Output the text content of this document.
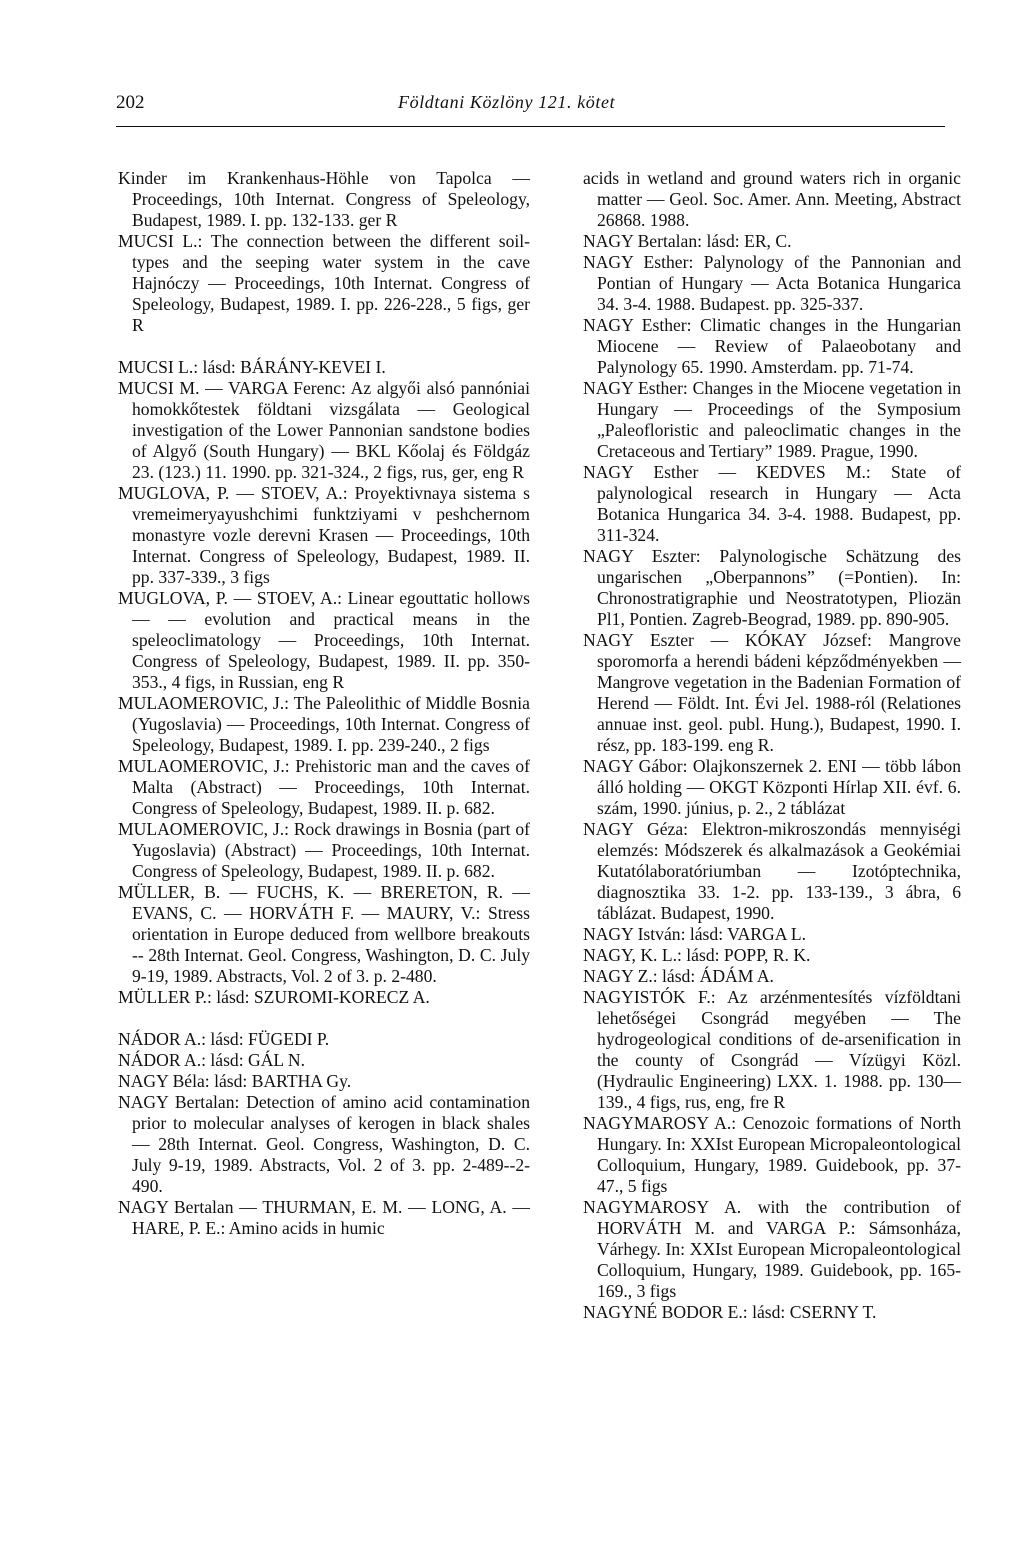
202	Földtani Közlöny 121. kötet

Kinder im Krankenhaus-Höhle von Tapolca — Proceedings, 10th Internat. Congress of Speleology, Budapest, 1989. I. pp. 132-133. ger R

MUCSI L.: The connection between the different soil-types and the seeping water system in the cave Hajnóczy — Proceedings, 10th Internat. Congress of Speleology, Budapest, 1989. I. pp. 226-228., 5 figs, ger R

MUCSI L.: lásd: BÁRÁNY-KEVEI I.

MUCSI M. — VARGA Ferenc: Az algyői alsó pannóniai homokkőtestek földtani vizsgálata — Geological investigation of the Lower Pannonian sandstone bodies of Algyő (South Hungary) — BKL Kőolaj és Földgáz 23. (123.) 11. 1990. pp. 321-324., 2 figs, rus, ger, eng R

MUGLOVA, P. — STOEV, A.: Proyektivnaya sistema s vremeimeryayushchimi funktziyami v peshchernom monastyre vozle derevni Krasen — Proceedings, 10th Internat. Congress of Speleology, Budapest, 1989. II. pp. 337-339., 3 figs

MUGLOVA, P. — STOEV, A.: Linear egouttatic hollows — — evolution and practical means in the speleoclimatology — Proceedings, 10th Internat. Congress of Speleology, Budapest, 1989. II. pp. 350-353., 4 figs, in Russian, eng R

MULAOMEROVIC, J.: The Paleolithic of Middle Bosnia (Yugoslavia) — Proceedings, 10th Internat. Congress of Speleology, Budapest, 1989. I. pp. 239-240., 2 figs

MULAOMEROVIC, J.: Prehistoric man and the caves of Malta (Abstract) — Proceedings, 10th Internat. Congress of Speleology, Budapest, 1989. II. p. 682.

MULAOMEROVIC, J.: Rock drawings in Bosnia (part of Yugoslavia) (Abstract) — Proceedings, 10th Internat. Congress of Speleology, Budapest, 1989. II. p. 682.

MÜLLER, B. — FUCHS, K. — BRERETON, R. — EVANS, C. — HORVÁTH F. — MAURY, V.: Stress orientation in Europe deduced from wellbore breakouts -- 28th Internat. Geol. Congress, Washington, D. C. July 9-19, 1989. Abstracts, Vol. 2 of 3. p. 2-480.

MÜLLER P.: lásd: SZUROMI-KORECZ A.

NÁDOR A.: lásd: FÜGEDI P.

NÁDOR A.: lásd: GÁL N.

NAGY Béla: lásd: BARTHA Gy.

NAGY Bertalan: Detection of amino acid contamination prior to molecular analyses of kerogen in black shales — 28th Internat. Geol. Congress, Washington, D. C. July 9-19, 1989. Abstracts, Vol. 2 of 3. pp. 2-489--2-490.

NAGY Bertalan — THURMAN, E. M. — LONG, A. — HARE, P. E.: Amino acids in humic

acids in wetland and ground waters rich in organic matter — Geol. Soc. Amer. Ann. Meeting, Abstract 26868. 1988.

NAGY Bertalan: lásd: ER, C.

NAGY Esther: Palynology of the Pannonian and Pontian of Hungary — Acta Botanica Hungarica 34. 3-4. 1988. Budapest. pp. 325-337.

NAGY Esther: Climatic changes in the Hungarian Miocene — Review of Palaeobotany and Palynology 65. 1990. Amsterdam. pp. 71-74.

NAGY Esther: Changes in the Miocene vegetation in Hungary — Proceedings of the Symposium „Paleofloristic and paleoclimatic changes in the Cretaceous and Tertiary” 1989. Prague, 1990.

NAGY Esther — KEDVES M.: State of palynological research in Hungary — Acta Botanica Hungarica 34. 3-4. 1988. Budapest, pp. 311-324.

NAGY Eszter: Palynologische Schätzung des ungarischen „Oberpannons” (=Pontien). In: Chronostratigraphie und Neostratotypen, Pliozän Pl1, Pontien. Zagreb-Beograd, 1989. pp. 890-905.

NAGY Eszter — KÓKAY József: Mangrove sporomorfa a herendi bádeni képződményekben — Mangrove vegetation in the Badenian Formation of Herend — Földt. Int. Évi Jel. 1988-ról (Relationes annuae inst. geol. publ. Hung.), Budapest, 1990. I. rész, pp. 183-199. eng R.

NAGY Gábor: Olajkonszernek 2. ENI — több lábon álló holding — OKGT Központi Hírlap XII. évf. 6. szám, 1990. június, p. 2., 2 táblázat

NAGY Géza: Elektron-mikroszondás mennyiségi elemzés: Módszerek és alkalmazások a Geokémiai Kutatólaboratóriumban — Izotóptechnika, diagnosztika 33. 1-2. pp. 133-139., 3 ábra, 6 táblázat. Budapest, 1990.

NAGY István: lásd: VARGA L.

NAGY, K. L.: lásd: POPP, R. K.

NAGY Z.: lásd: ÁDÁM A.

NAGYISTÓK F.: Az arzénmentesítés vízföldtani lehetőségei Csongrád megyében — The hydrogeological conditions of de-arsenification in the county of Csongrád — Vízügyi Közl. (Hydraulic Engineering) LXX. 1. 1988. pp. 130—139., 4 figs, rus, eng, fre R

NAGYMAROSY A.: Cenozoic formations of North Hungary. In: XXIst European Micropaleontological Colloquium, Hungary, 1989. Guidebook, pp. 37-47., 5 figs

NAGYMAROSY A. with the contribution of HORVÁTH M. and VARGA P.: Sámsonháza, Várhegy. In: XXIst European Micropaleontological Colloquium, Hungary, 1989. Guidebook, pp. 165-169., 3 figs

NAGYNÉ BODOR E.: lásd: CSERNY T.
